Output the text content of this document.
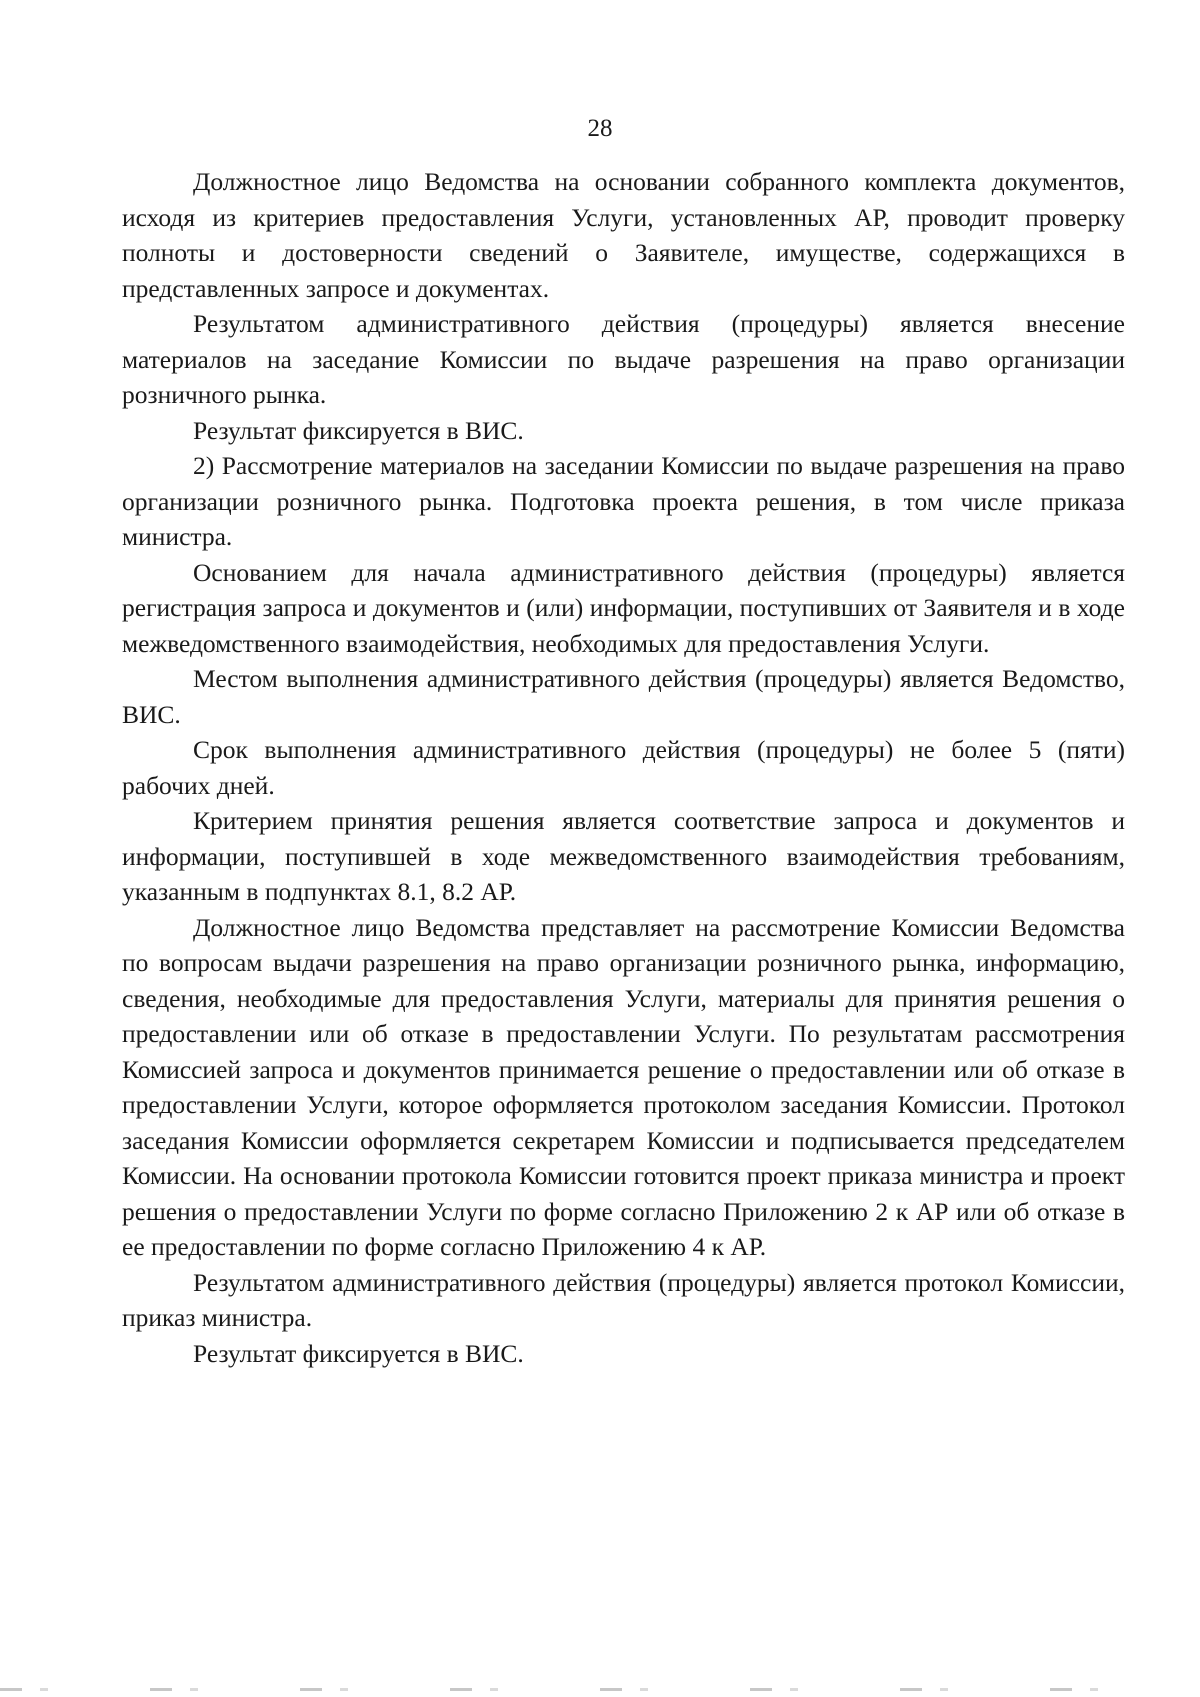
28

Должностное лицо Ведомства на основании собранного комплекта документов, исходя из критериев предоставления Услуги, установленных АР, проводит проверку полноты и достоверности сведений о Заявителе, имуществе, содержащихся в представленных запросе и документах.

Результатом административного действия (процедуры) является внесение материалов на заседание Комиссии по выдаче разрешения на право организации розничного рынка.

Результат фиксируется в ВИС.

2) Рассмотрение материалов на заседании Комиссии по выдаче разрешения на право организации розничного рынка. Подготовка проекта решения, в том числе приказа министра.

Основанием для начала административного действия (процедуры) является регистрация запроса и документов и (или) информации, поступивших от Заявителя и в ходе межведомственного взаимодействия, необходимых для предоставления Услуги.

Местом выполнения административного действия (процедуры) является Ведомство, ВИС.

Срок выполнения административного действия (процедуры) не более 5 (пяти) рабочих дней.

Критерием принятия решения является соответствие запроса и документов и информации, поступившей в ходе межведомственного взаимодействия требованиям, указанным в подпунктах 8.1, 8.2 АР.

Должностное лицо Ведомства представляет на рассмотрение Комиссии Ведомства по вопросам выдачи разрешения на право организации розничного рынка, информацию, сведения, необходимые для предоставления Услуги, материалы для принятия решения о предоставлении или об отказе в предоставлении Услуги. По результатам рассмотрения Комиссией запроса и документов принимается решение о предоставлении или об отказе в предоставлении Услуги, которое оформляется протоколом заседания Комиссии. Протокол заседания Комиссии оформляется секретарем Комиссии и подписывается председателем Комиссии. На основании протокола Комиссии готовится проект приказа министра и проект решения о предоставлении Услуги по форме согласно Приложению 2 к АР или об отказе в ее предоставлении по форме согласно Приложению 4 к АР.

Результатом административного действия (процедуры) является протокол Комиссии, приказ министра.

Результат фиксируется в ВИС.
